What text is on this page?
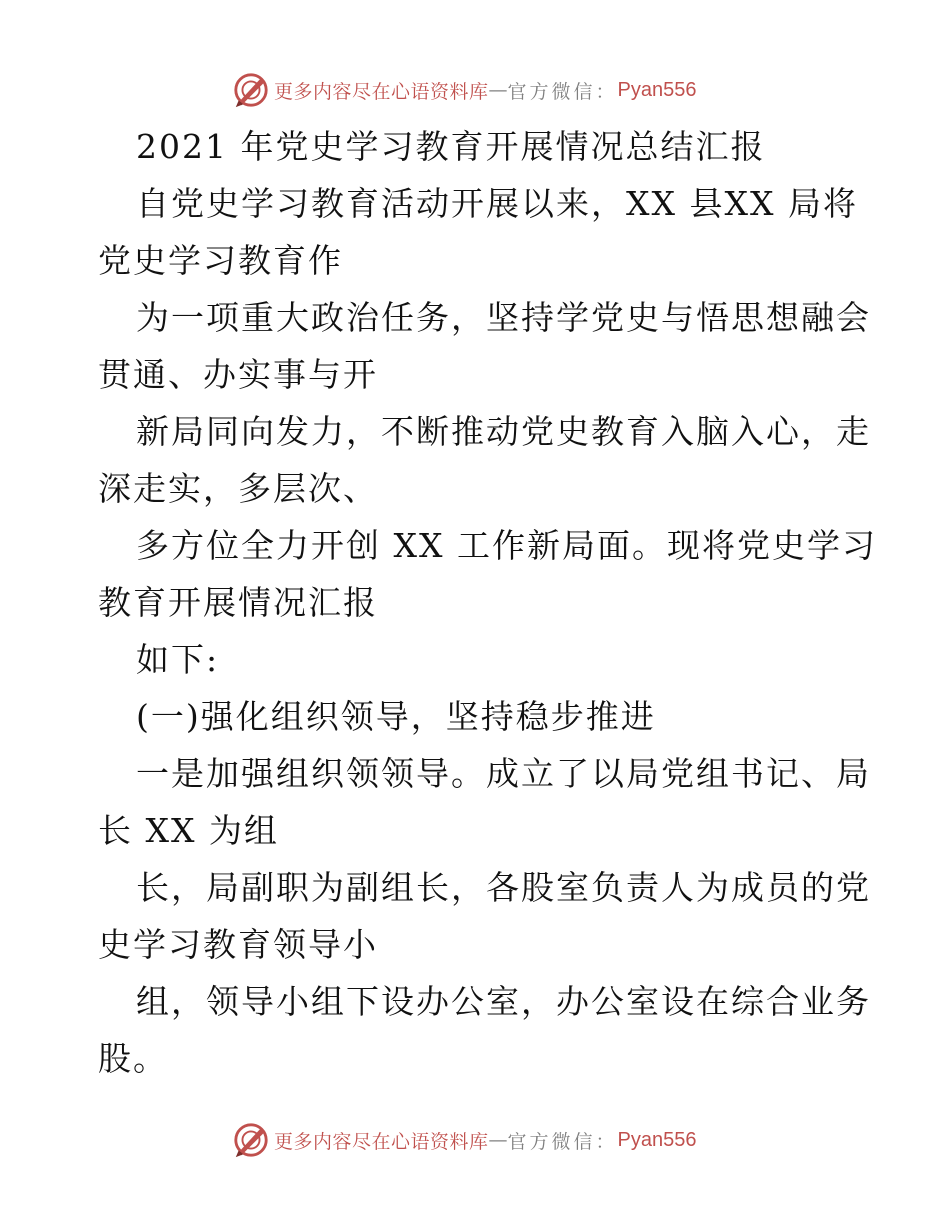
更多内容尽在心语资料库 — 官方微信： Pyan556
2021 年党史学习教育开展情况总结汇报
自党史学习教育活动开展以来，XX 县XX 局将
党史学习教育作
为一项重大政治任务，坚持学党史与悟思想融会
贯通、办实事与开
新局同向发力，不断推动党史教育入脑入心，走
深走实，多层次、
多方位全力开创 XX 工作新局面。现将党史学习
教育开展情况汇报
如下:
(一)强化组织领导，坚持稳步推进
一是加强组织领领导。成立了以局党组书记、局
长 XX 为组
长，局副职为副组长，各股室负责人为成员的党
史学习教育领导小
组，领导小组下设办公室，办公室设在综合业务
股。
更多内容尽在心语资料库 — 官方微信： Pyan556
